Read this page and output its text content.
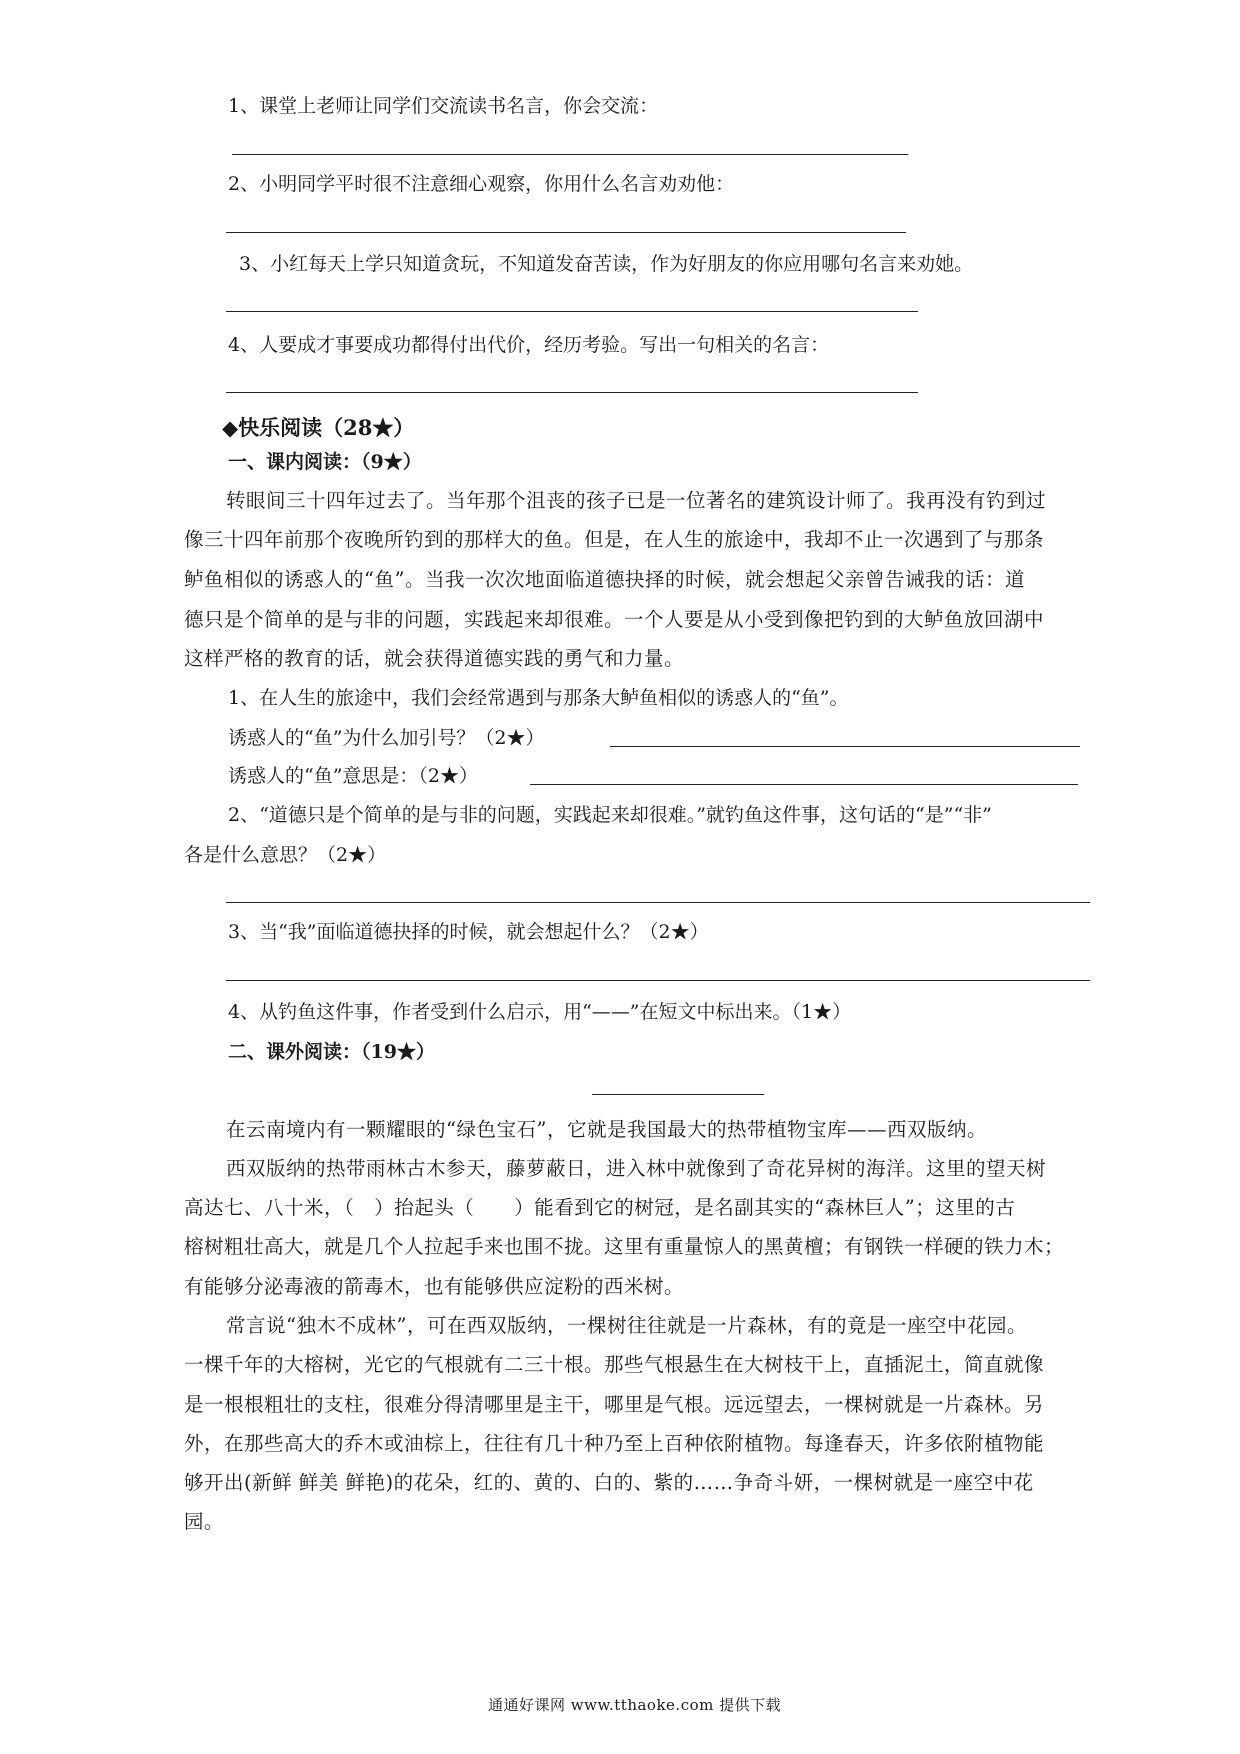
1、课堂上老师让同学们交流读书名言，你会交流：
2、小明同学平时很不注意细心观察，你用什么名言劝劝他：
3、小红每天上学只知道贪玩，不知道发奋苦读，作为好朋友的你应用哪句名言来劝她。
4、人要成才事要成功都得付出代价，经历考验。写出一句相关的名言：
◆快乐阅读（28★）
一、课内阅读：（9★）
转眼间三十四年过去了。当年那个沮丧的孩子已是一位著名的建筑设计师了。我再没有钓到过
像三十四年前那个夜晚所钓到的那样大的鱼。但是，在人生的旅途中，我却不止一次遇到了与那条
鲈鱼相似的诱惑人的“鱼”。当我一次次地面临道德抉择的时候，就会想起父亲曾告诫我的话：道
德只是个简单的是与非的问题，实践起来却很难。一个人要是从小受到像把钓到的大鲈鱼放回湖中
这样严格的教育的话，就会获得道德实践的勇气和力量。
1、在人生的旅途中，我们会经常遇到与那条大鲈鱼相似的诱惑人的“鱼”。
诱惑人的“鱼”为什么加引号？（2★）
诱惑人的“鱼”意思是：（2★）
2、“道德只是个简单的是与非的问题，实践起来却很难。”就钓鱼这件事，这句话的“是”“非”
各是什么意思？（2★）
3、当“我”面临道德抉择的时候，就会想起什么？（2★）
4、从钓鱼这件事，作者受到什么启示，用“——”在短文中标出来。（1★）
二、课外阅读：（19★）
在云南境内有一颗耀眼的“绿色宝石”，它就是我国最大的热带植物宝库——西双版纳。
西双版纳的热带雨林古木参天，藤萝蔽日，进入林中就像到了奇花异树的海洋。这里的望天树
高达七、八十米，（　）抬起头（　　）能看到它的树冠，是名副其实的“森林巨人”；这里的古
榕树粗壮高大，就是几个人拉起手来也围不拢。这里有重量惊人的黑黄檀；有钢铁一样硬的铁力木；
有能够分泌毒液的箭毒木，也有能够供应淀粉的西米树。
常言说“独木不成林”，可在西双版纳，一棵树往往就是一片森林，有的竟是一座空中花园。
一棵千年的大榕树，光它的气根就有二三十根。那些气根悬生在大树枝干上，直插泥土，简直就像
是一根根粗壮的支柱，很难分得清哪里是主干，哪里是气根。远远望去，一棵树就是一片森林。另
外，在那些高大的乔木或油棕上，往往有几十种乃至上百种依附植物。每逢春天，许多依附植物能
够开出(新鲜 鲜美 鲜艳)的花朵，红的、黄的、白的、紫的……争奇斗妍，一棵树就是一座空中花
园。
通通好课网 www.tthaoke.com 提供下载
